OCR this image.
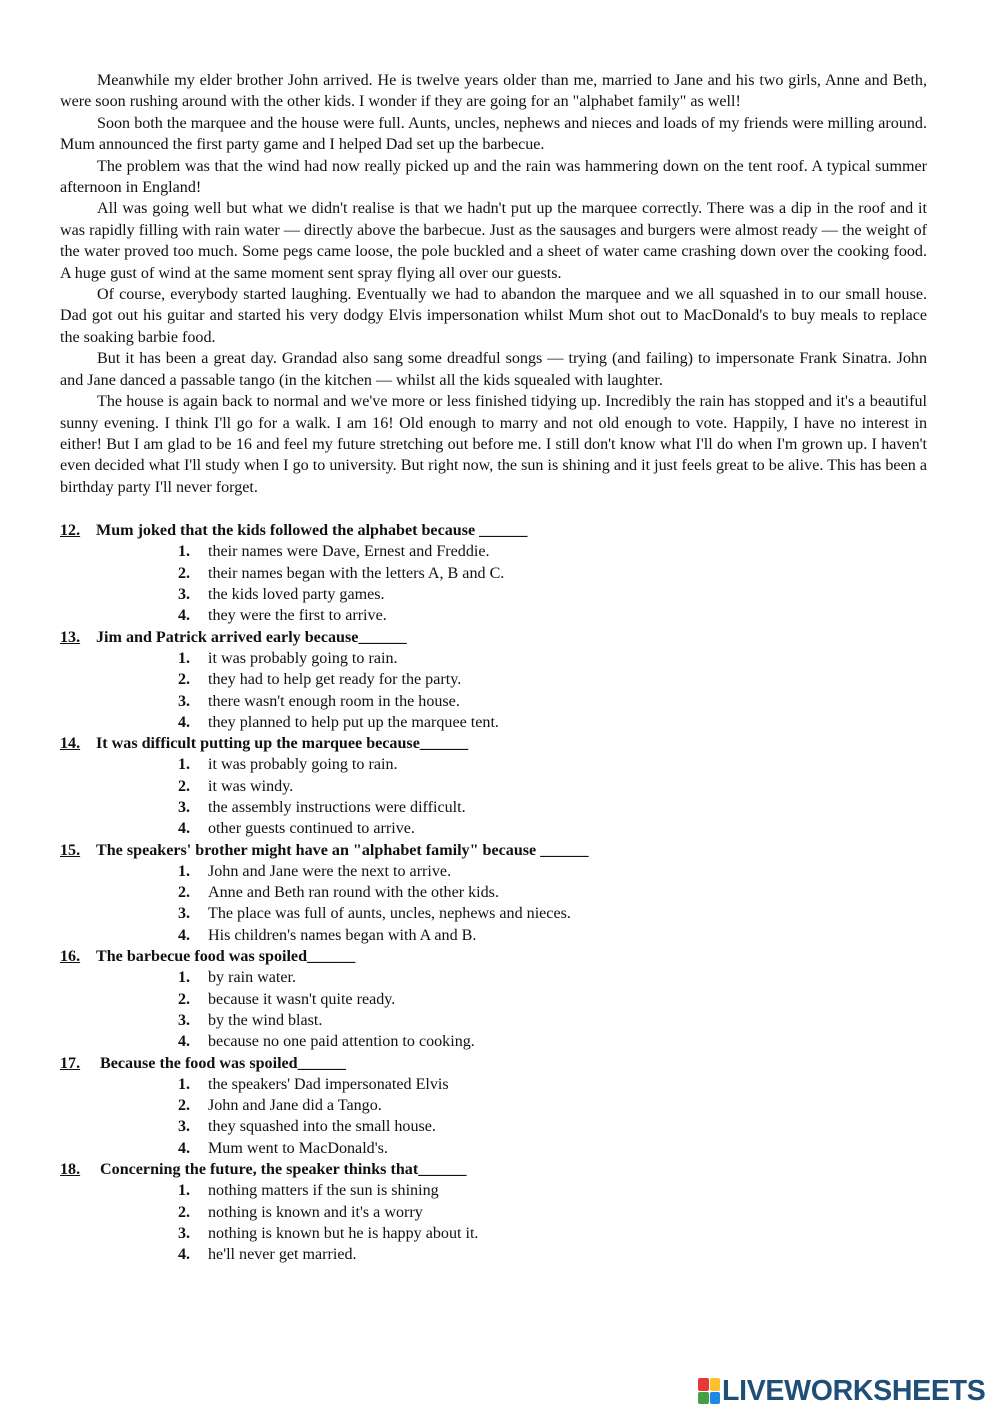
Meanwhile my elder brother John arrived. He is twelve years older than me, married to Jane and his two girls, Anne and Beth, were soon rushing around with the other kids. I wonder if they are going for an "alphabet family" as well!

Soon both the marquee and the house were full. Aunts, uncles, nephews and nieces and loads of my friends were milling around. Mum announced the first party game and I helped Dad set up the barbecue.

The problem was that the wind had now really picked up and the rain was hammering down on the tent roof. A typical summer afternoon in England!

All was going well but what we didn't realise is that we hadn't put up the marquee correctly. There was a dip in the roof and it was rapidly filling with rain water — directly above the barbecue. Just as the sausages and burgers were almost ready — the weight of the water proved too much. Some pegs came loose, the pole buckled and a sheet of water came crashing down over the cooking food. A huge gust of wind at the same moment sent spray flying all over our guests.

Of course, everybody started laughing. Eventually we had to abandon the marquee and we all squashed in to our small house. Dad got out his guitar and started his very dodgy Elvis impersonation whilst Mum shot out to MacDonald's to buy meals to replace the soaking barbie food.

But it has been a great day. Grandad also sang some dreadful songs — trying (and failing) to impersonate Frank Sinatra. John and Jane danced a passable tango (in the kitchen — whilst all the kids squealed with laughter.

The house is again back to normal and we've more or less finished tidying up. Incredibly the rain has stopped and it's a beautiful sunny evening. I think I'll go for a walk. I am 16! Old enough to marry and not old enough to vote. Happily, I have no interest in either! But I am glad to be 16 and feel my future stretching out before me. I still don't know what I'll do when I'm grown up. I haven't even decided what I'll study when I go to university. But right now, the sun is shining and it just feels great to be alive. This has been a birthday party I'll never forget.

12. Mum joked that the kids followed the alphabet because ______
1. their names were Dave, Ernest and Freddie.
2. their names began with the letters A, B and C.
3. the kids loved party games.
4. they were the first to arrive.
13. Jim and Patrick arrived early because______
1. it was probably going to rain.
2. they had to help get ready for the party.
3. there wasn't enough room in the house.
4. they planned to help put up the marquee tent.
14. It was difficult putting up the marquee because______
1. it was probably going to rain.
2. it was windy.
3. the assembly instructions were difficult.
4. other guests continued to arrive.
15. The speakers' brother might have an "alphabet family" because ______
1. John and Jane were the next to arrive.
2. Anne and Beth ran round with the other kids.
3. The place was full of aunts, uncles, nephews and nieces.
4. His children's names began with A and B.
16. The barbecue food was spoiled______
1. by rain water.
2. because it wasn't quite ready.
3. by the wind blast.
4. because no one paid attention to cooking.
17. Because the food was spoiled______
1. the speakers' Dad impersonated Elvis
2. John and Jane did a Tango.
3. they squashed into the small house.
4. Mum went to MacDonald's.
18. Concerning the future, the speaker thinks that______
1. nothing matters if the sun is shining
2. nothing is known and it's a worry
3. nothing is known but he is happy about it.
4. he'll never get married.
LIVEWORKSHEETS
